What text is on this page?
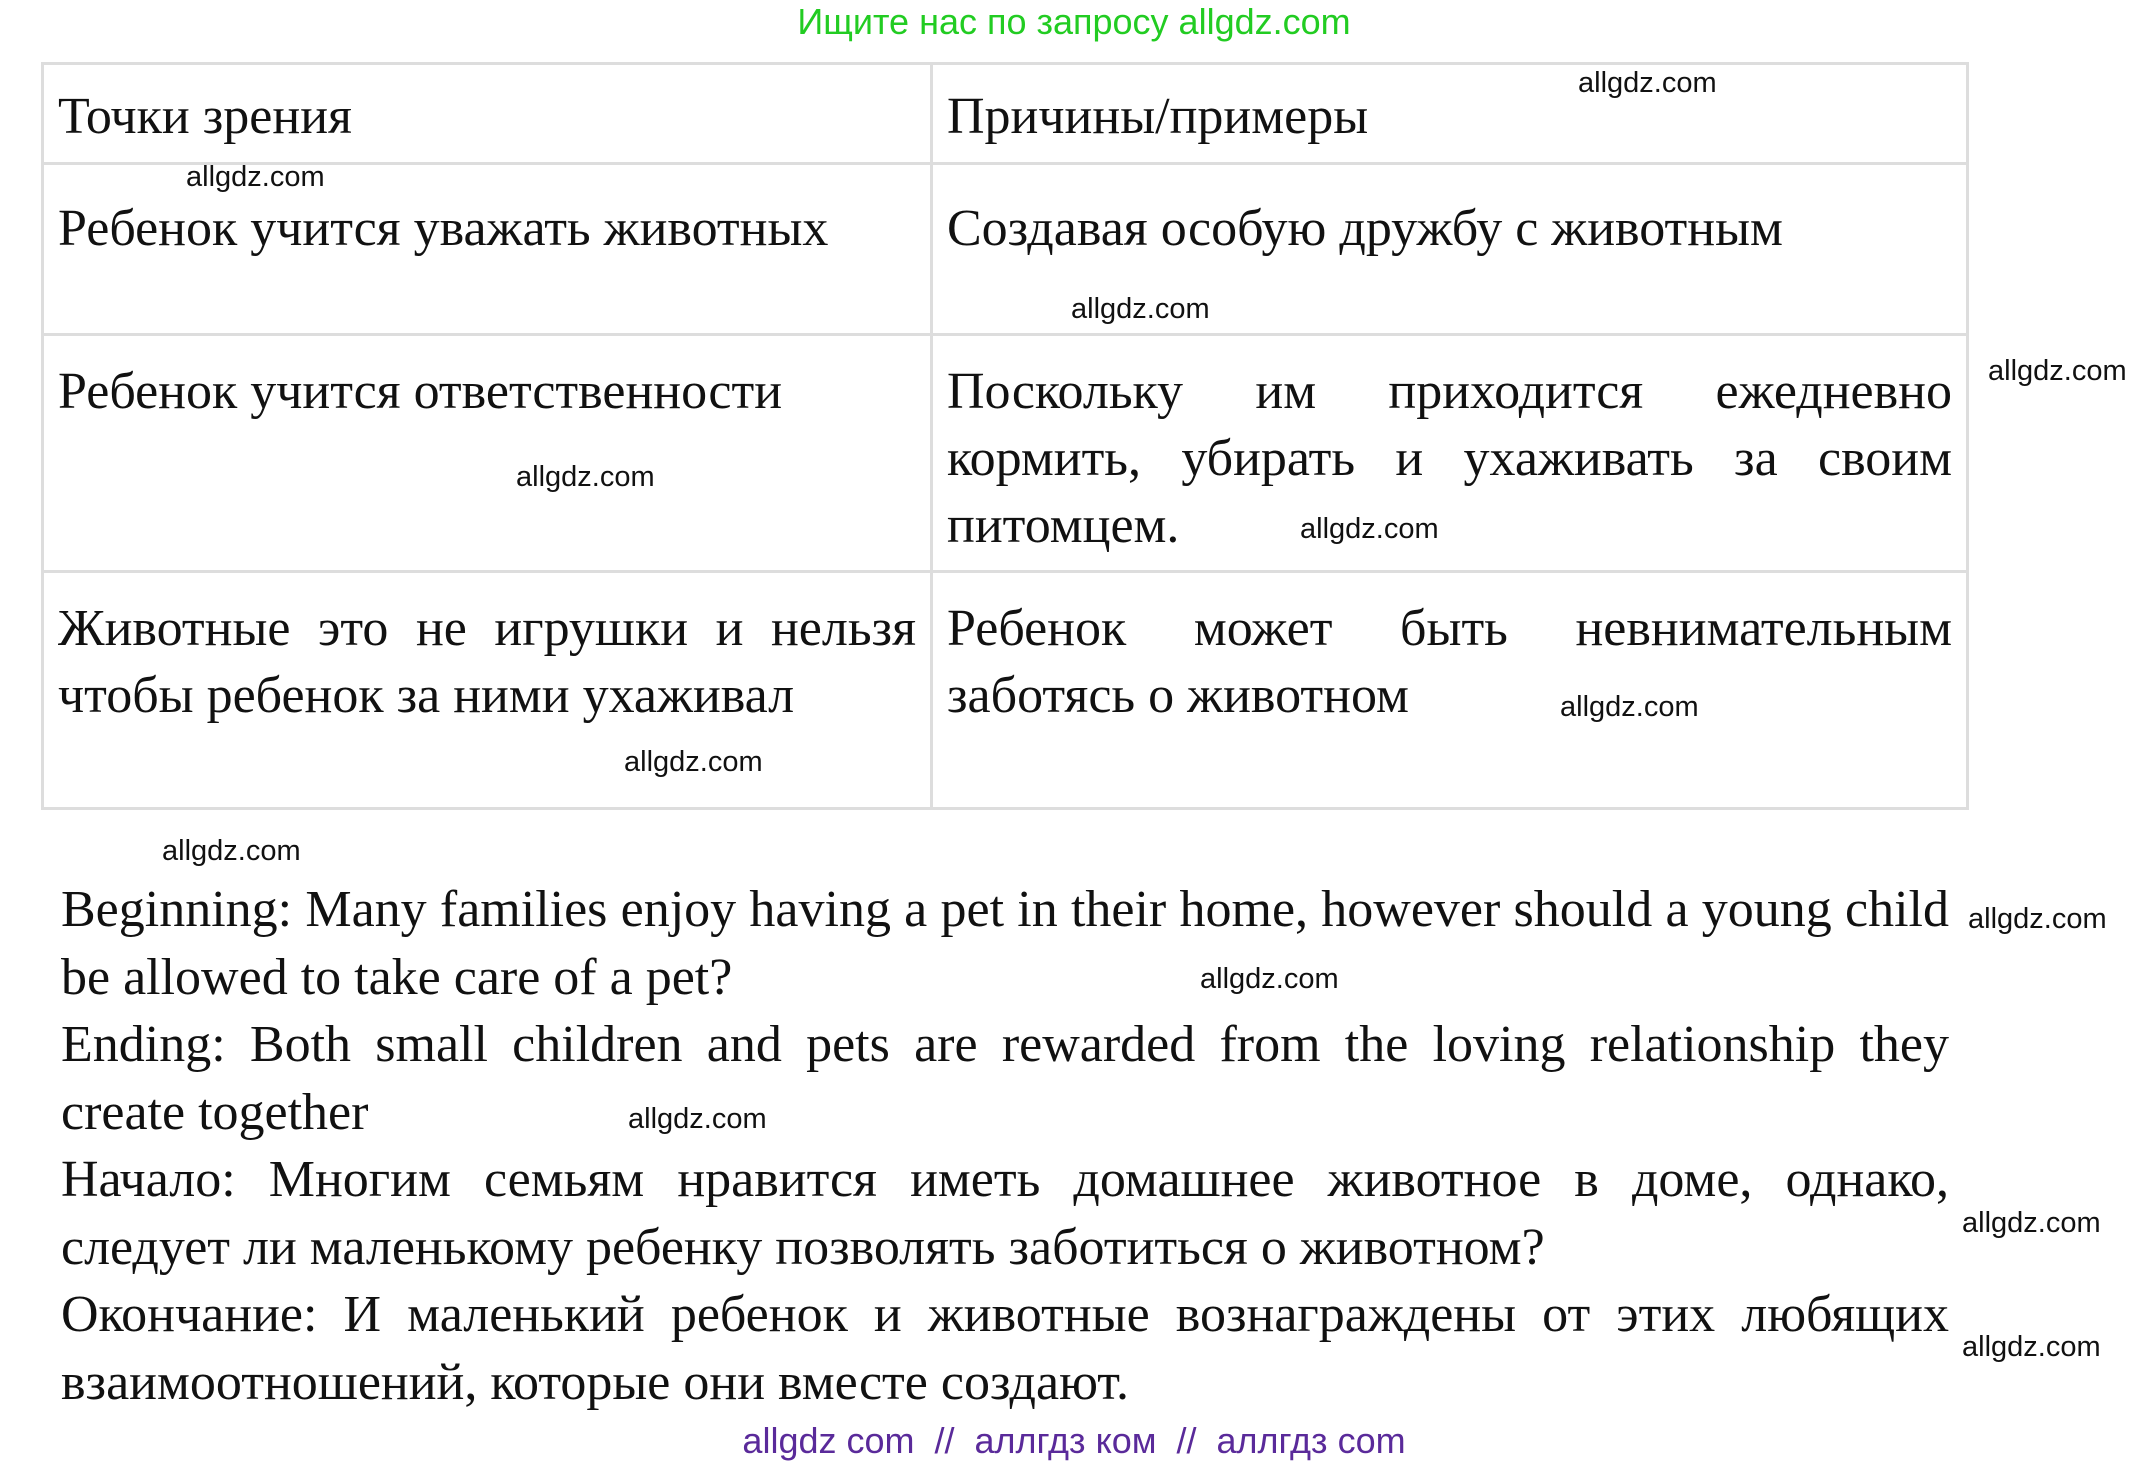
Ищите нас по запросу allgdz.com
Точки зрения	Причины/примеры
Ребенок учится уважать животных	Создавая особую дружбу с животным
Ребенок учится ответственности	Поскольку им приходится ежедневно кормить, убирать и ухаживать за своим питомцем.
Животные это не игрушки и нельзя чтобы ребенок за ними ухаживал	Ребенок может быть невнимательным заботясь о животном

Beginning: Many families enjoy having a pet in their home, however should a young child be allowed to take care of a pet?

Ending: Both small children and pets are rewarded from the loving relationship they create together

Начало: Многим семьям нравится иметь домашнее животное в доме, однако, следует ли маленькому ребенку позволять заботиться о животном?

Окончание: И маленький ребенок и животные вознаграждены от этих любящих взаимоотношений, которые они вместе создают.

allgdz.com
allgdz.com
allgdz.com
allgdz.com
allgdz.com
allgdz.com
allgdz.com
allgdz.com
allgdz.com
allgdz.com
allgdz.com
allgdz.com
allgdz.com
allgdz.com
allgdz com  //  аллгдз ком  //  аллгдз com
